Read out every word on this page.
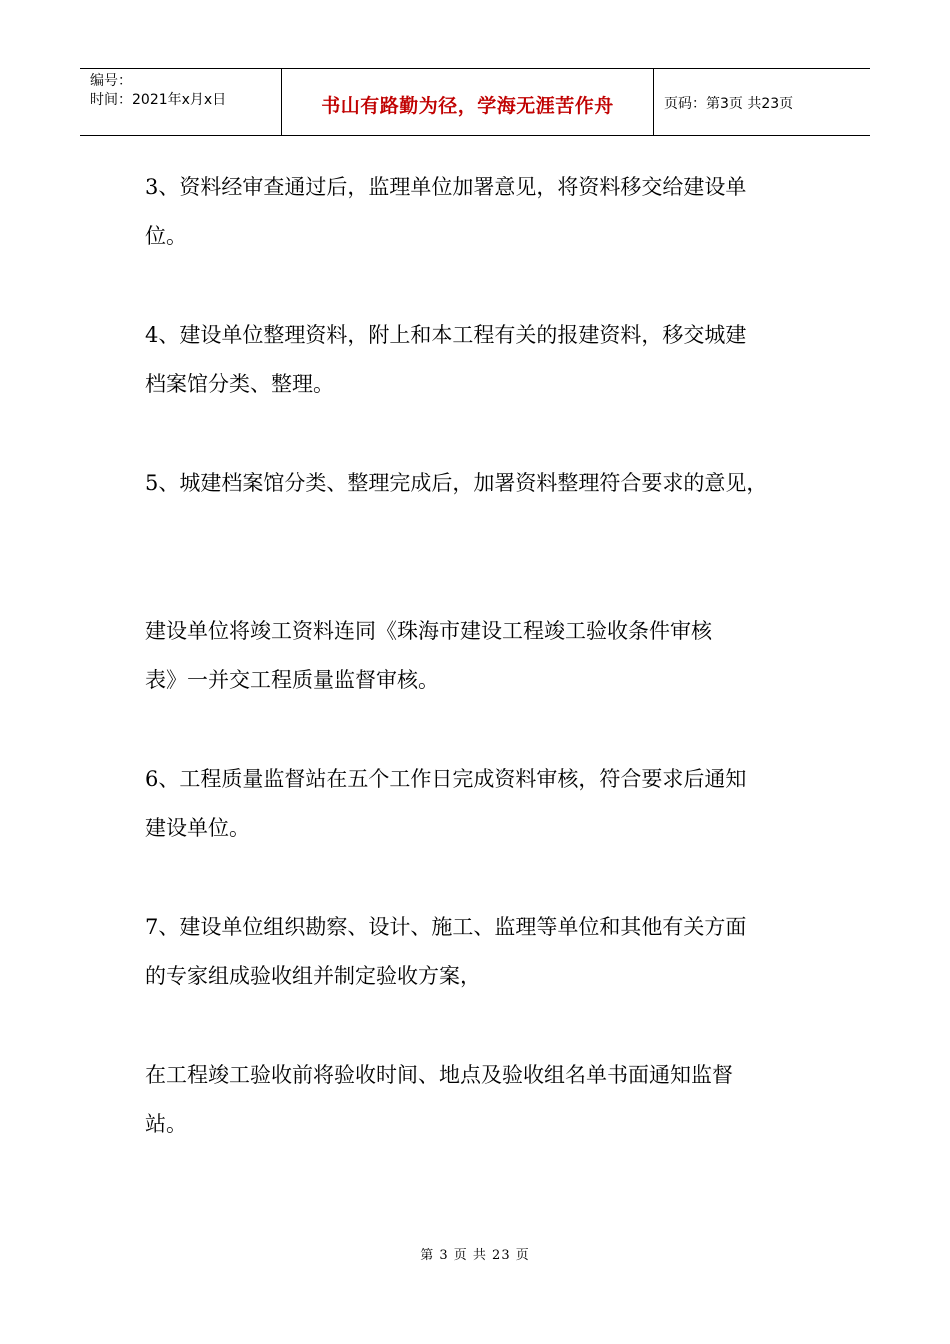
编号：
时间：2021年x月x日	书山有路勤为径，学海无涯苦作舟	页码：第3页 共23页

3、资料经审查通过后，监理单位加署意见，将资料移交给建设单
位。

4、建设单位整理资料，附上和本工程有关的报建资料，移交城建
档案馆分类、整理。

5、城建档案馆分类、整理完成后，加署资料整理符合要求的意见，

建设单位将竣工资料连同《珠海市建设工程竣工验收条件审核
表》一并交工程质量监督审核。

6、工程质量监督站在五个工作日完成资料审核，符合要求后通知
建设单位。

7、建设单位组织勘察、设计、施工、监理等单位和其他有关方面
的专家组成验收组并制定验收方案，

在工程竣工验收前将验收时间、地点及验收组名单书面通知监督
站。

第 3 页 共 23 页
